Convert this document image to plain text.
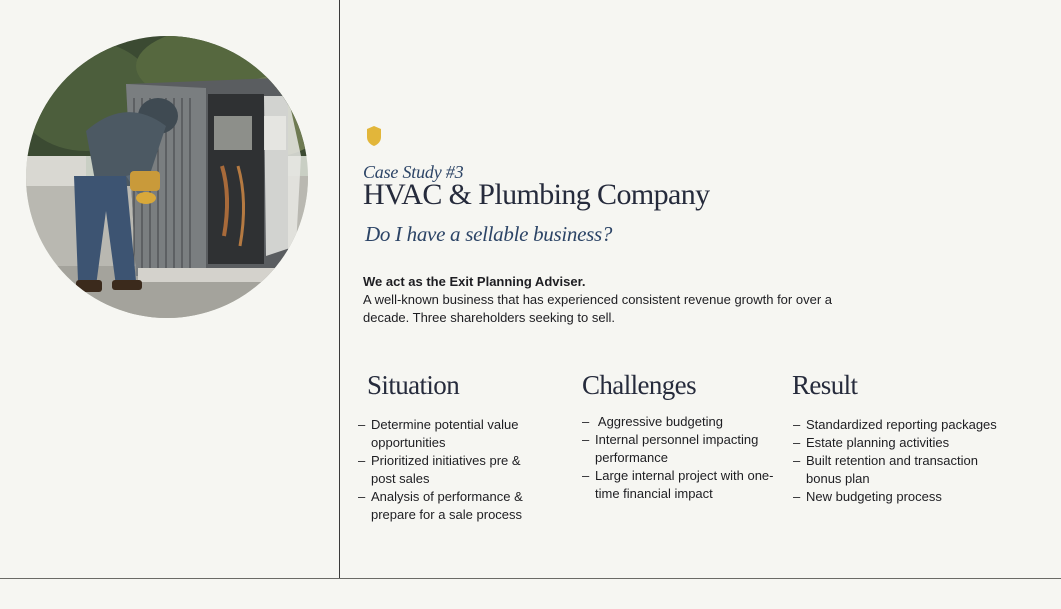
Case Study #3
HVAC & Plumbing Company
Do I have a sellable business?
We act as the Exit Planning Adviser.
A well-known business that has experienced consistent revenue growth for over a decade. Three shareholders seeking to sell.
Situation
– Determine potential value opportunities
– Prioritized initiatives pre & post sales
– Analysis of performance & prepare for a sale process
Challenges
– Aggressive budgeting
– Internal personnel impacting performance
– Large internal project with one-time financial impact
Result
– Standardized reporting packages
– Estate planning activities
– Built retention and transaction bonus plan
– New budgeting process
